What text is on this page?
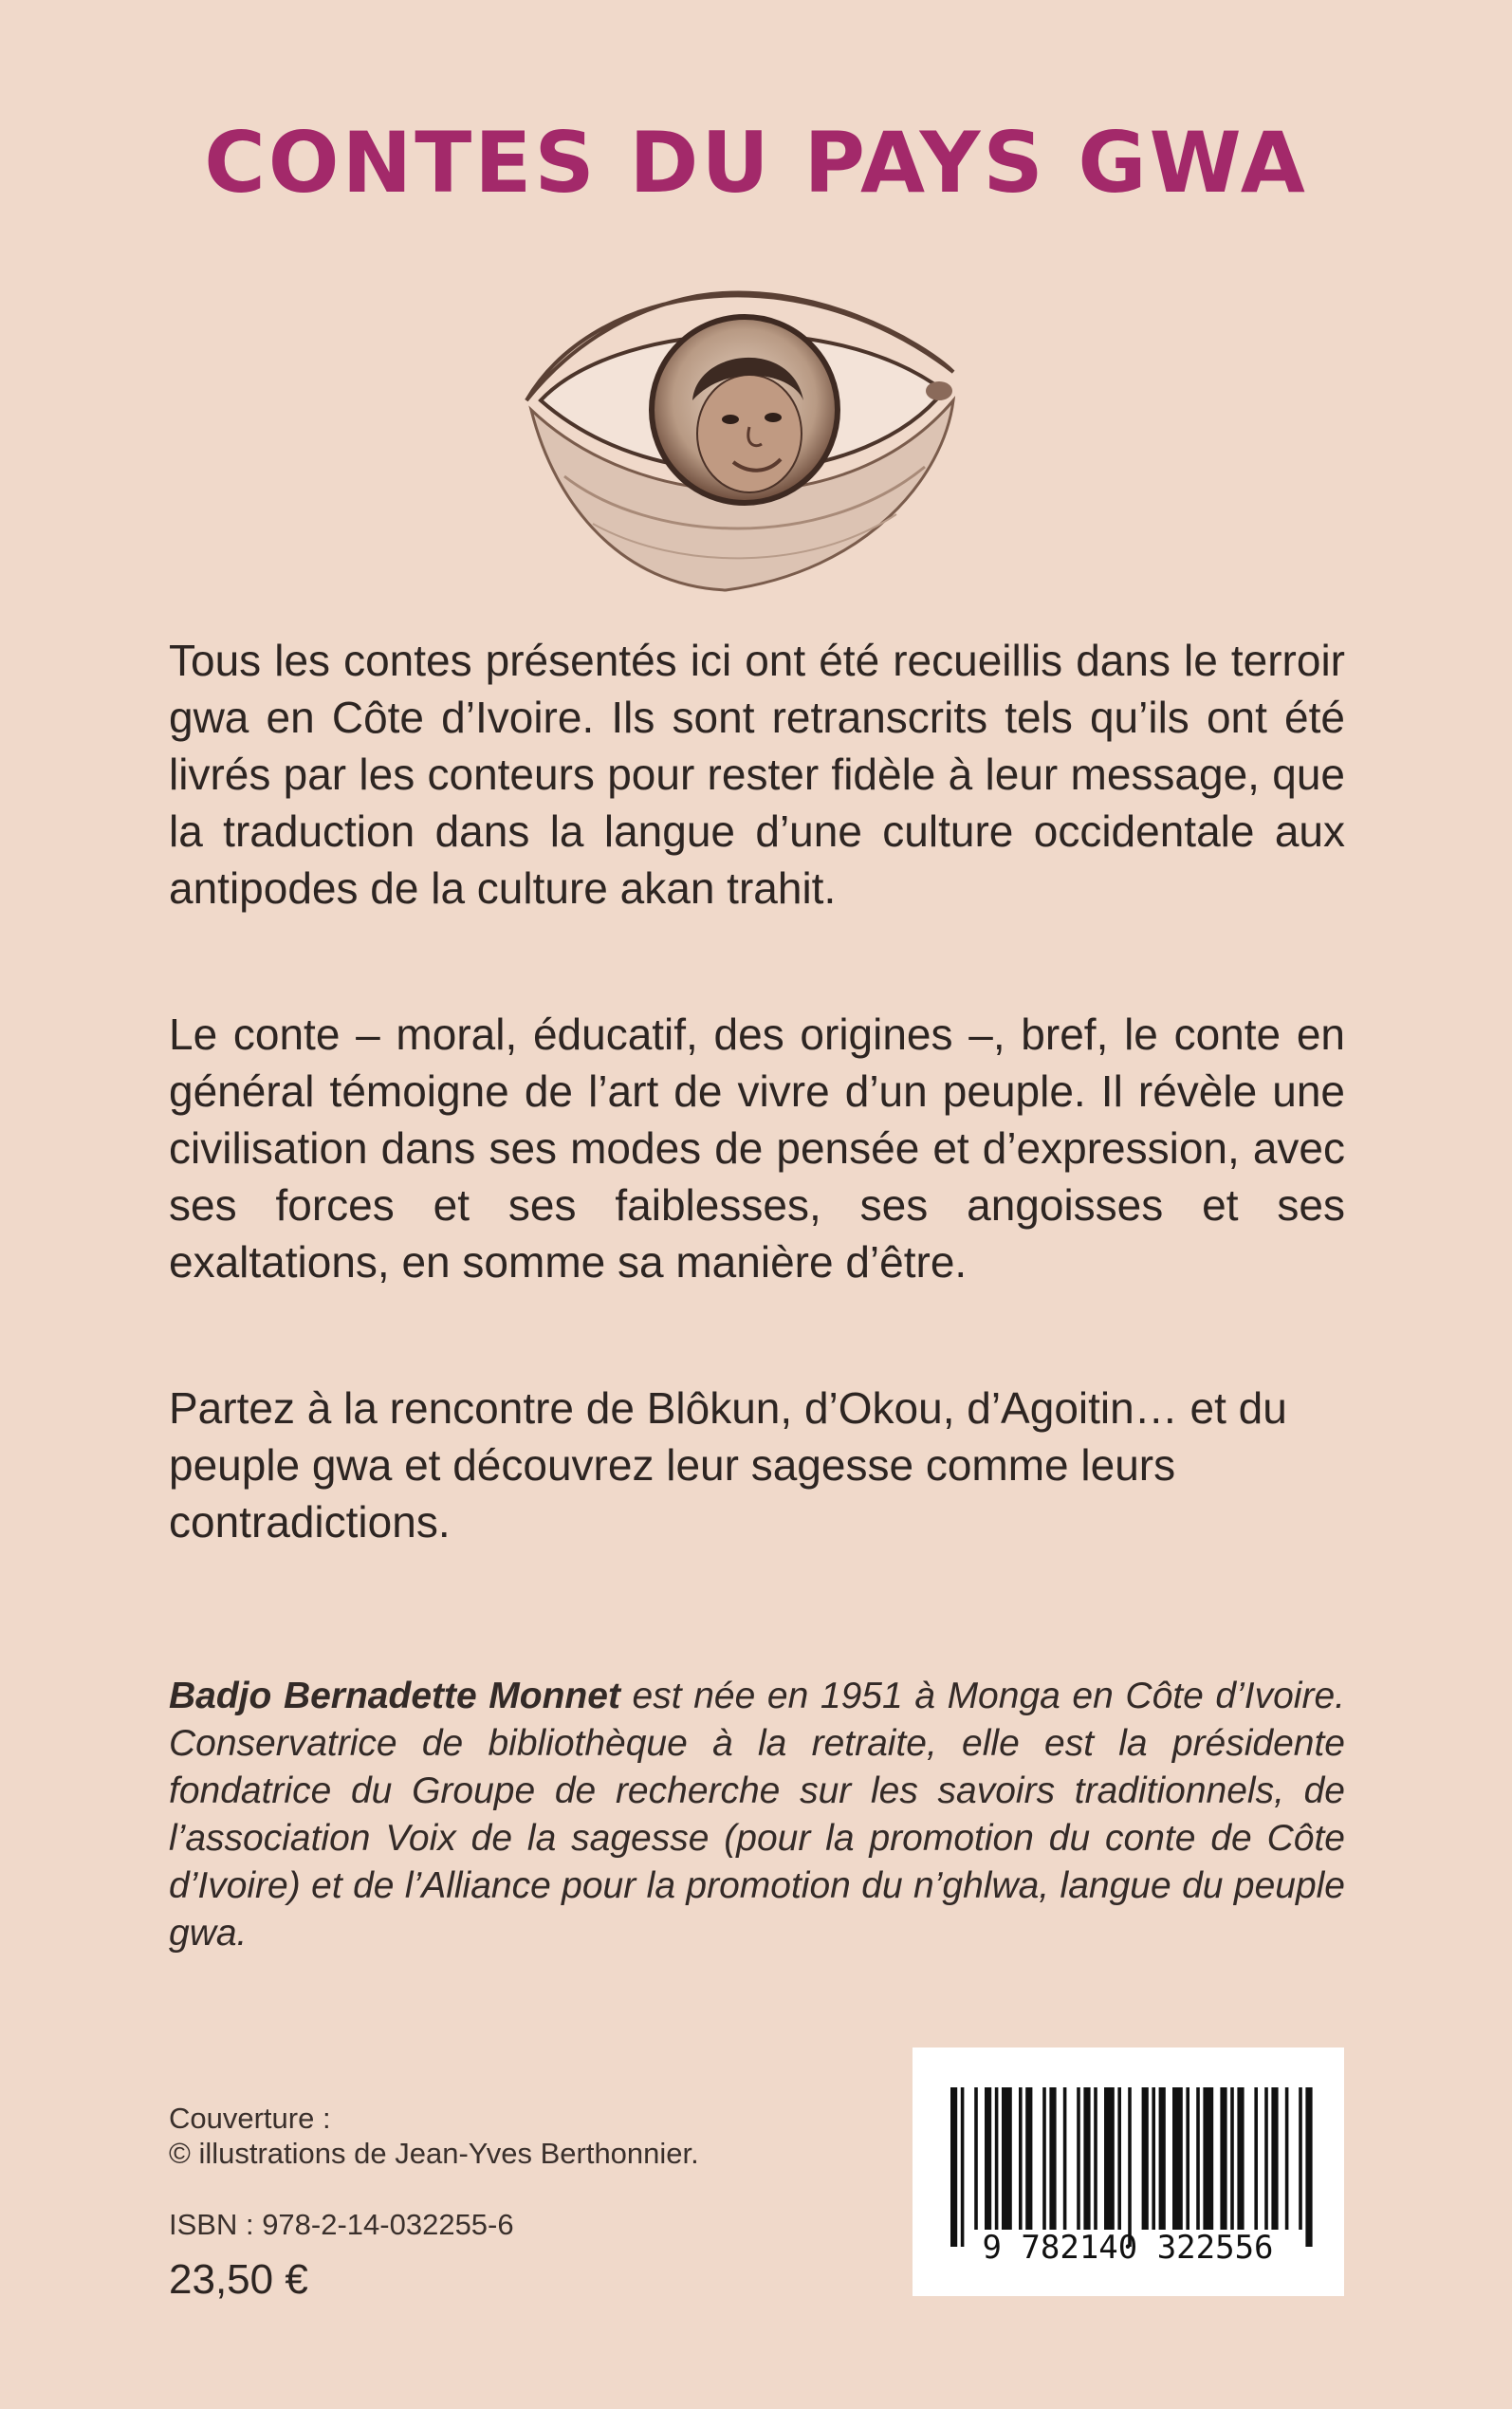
CONTES DU PAYS GWA

Tous les contes présentés ici ont été recueillis dans le terroir gwa en Côte d’Ivoire. Ils sont retranscrits tels qu’ils ont été livrés par les conteurs pour rester fidèle à leur message, que la traduction dans la langue d’une culture occidentale aux antipodes de la culture akan trahit.

Le conte – moral, éducatif, des origines –, bref, le conte en général témoigne de l’art de vivre d’un peuple. Il révèle une civilisation dans ses modes de pensée et d’expression, avec ses forces et ses faiblesses, ses angoisses et ses exaltations, en somme sa manière d’être.

Partez à la rencontre de Blôkun, d’Okou, d’Agoitin… et du peuple gwa et découvrez leur sagesse comme leurs contradictions.

Badjo Bernadette Monnet est née en 1951 à Monga en Côte d’Ivoire. Conservatrice de bibliothèque à la retraite, elle est la présidente fondatrice du Groupe de recherche sur les savoirs traditionnels, de l’association Voix de la sagesse (pour la promotion du conte de Côte d’Ivoire) et de l’Alliance pour la promotion du n’ghlwa, langue du peuple gwa.

Couverture :
© illustrations de Jean-Yves Berthonnier.

ISBN : 978-2-14-032255-6

23,50 €

9 782140 322556
